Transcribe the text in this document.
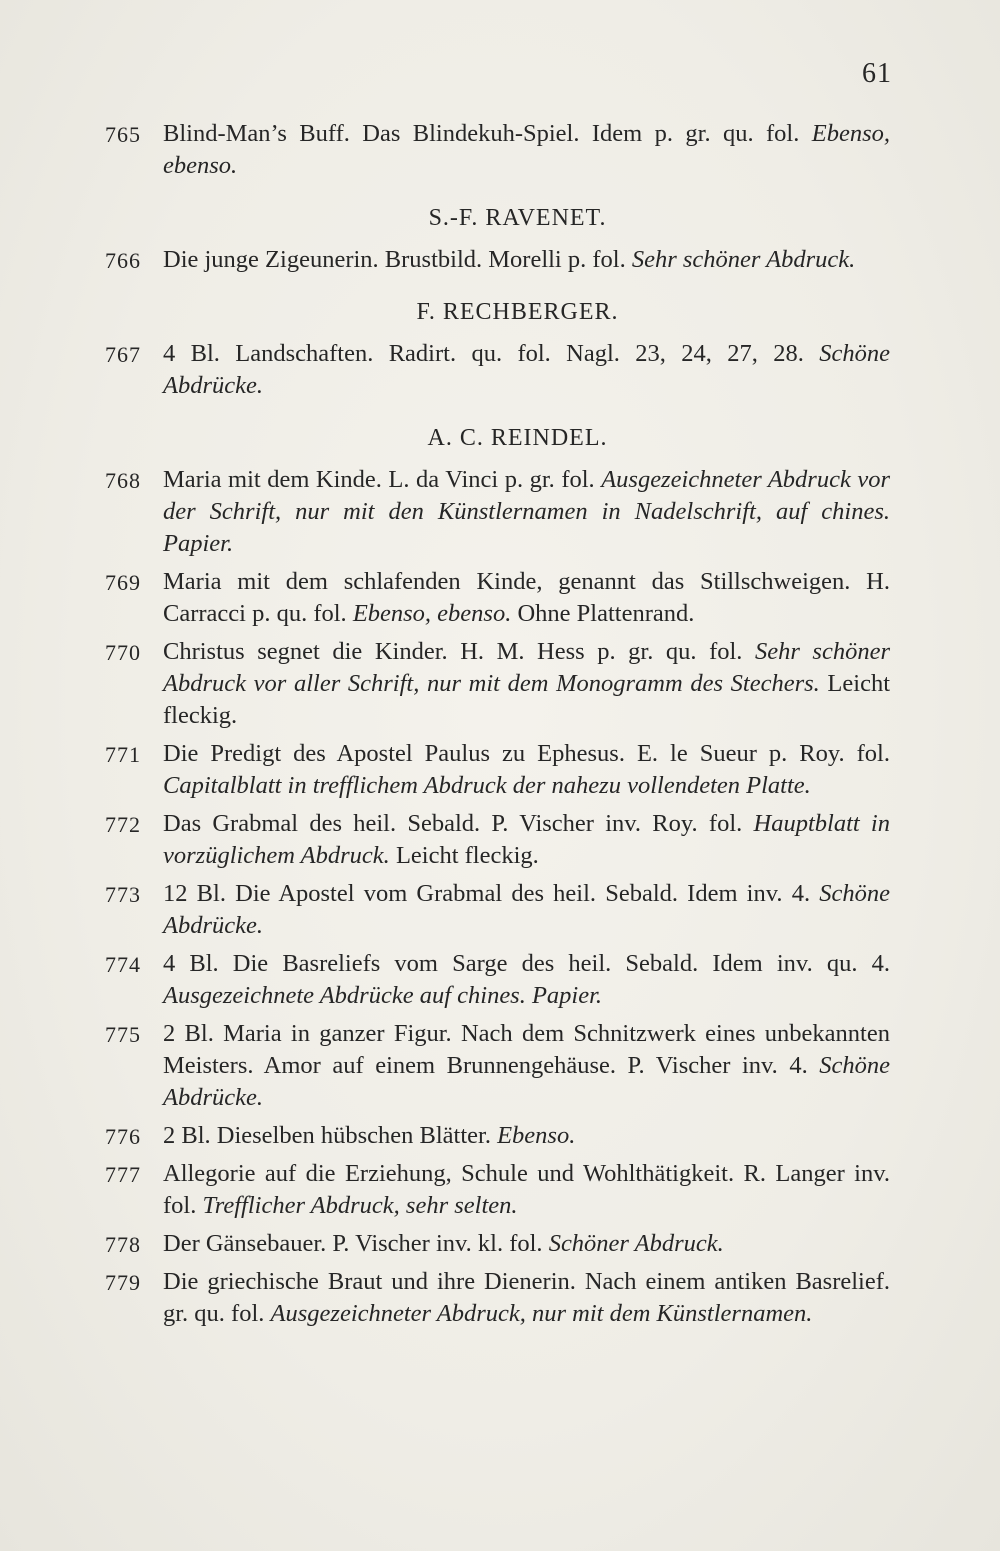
61
765 Blind-Man’s Buff. Das Blindekuh-Spiel. Idem p. gr. qu. fol. Ebenso, ebenso.
S.-F. RAVENET.
766 Die junge Zigeunerin. Brustbild. Morelli p. fol. Sehr schöner Abdruck.
F. RECHBERGER.
767 4 Bl. Landschaften. Radirt. qu. fol. Nagl. 23, 24, 27, 28. Schöne Abdrücke.
A. C. REINDEL.
768 Maria mit dem Kinde. L. da Vinci p. gr. fol. Ausgezeichneter Abdruck vor der Schrift, nur mit den Künstlernamen in Nadelschrift, auf chines. Papier.
769 Maria mit dem schlafenden Kinde, genannt das Stillschweigen. H. Carracci p. qu. fol. Ebenso, ebenso. Ohne Plattenrand.
770 Christus segnet die Kinder. H. M. Hess p. gr. qu. fol. Sehr schöner Abdruck vor aller Schrift, nur mit dem Monogramm des Stechers. Leicht fleckig.
771 Die Predigt des Apostel Paulus zu Ephesus. E. le Sueur p. Roy. fol. Capitalblatt in trefflichem Abdruck der nahezu vollendeten Platte.
772 Das Grabmal des heil. Sebald. P. Vischer inv. Roy. fol. Hauptblatt in vorzüglichem Abdruck. Leicht fleckig.
773 12 Bl. Die Apostel vom Grabmal des heil. Sebald. Idem inv. 4. Schöne Abdrücke.
774 4 Bl. Die Basreliefs vom Sarge des heil. Sebald. Idem inv. qu. 4. Ausgezeichnete Abdrücke auf chines. Papier.
775 2 Bl. Maria in ganzer Figur. Nach dem Schnitzwerk eines unbekannten Meisters. Amor auf einem Brunnengehäuse. P. Vischer inv. 4. Schöne Abdrücke.
776 2 Bl. Dieselben hübschen Blätter. Ebenso.
777 Allegorie auf die Erziehung, Schule und Wohlthätigkeit. R. Langer inv. fol. Trefflicher Abdruck, sehr selten.
778 Der Gänsebauer. P. Vischer inv. kl. fol. Schöner Abdruck.
779 Die griechische Braut und ihre Dienerin. Nach einem antiken Basrelief. gr. qu. fol. Ausgezeichneter Abdruck, nur mit dem Künstlernamen.
